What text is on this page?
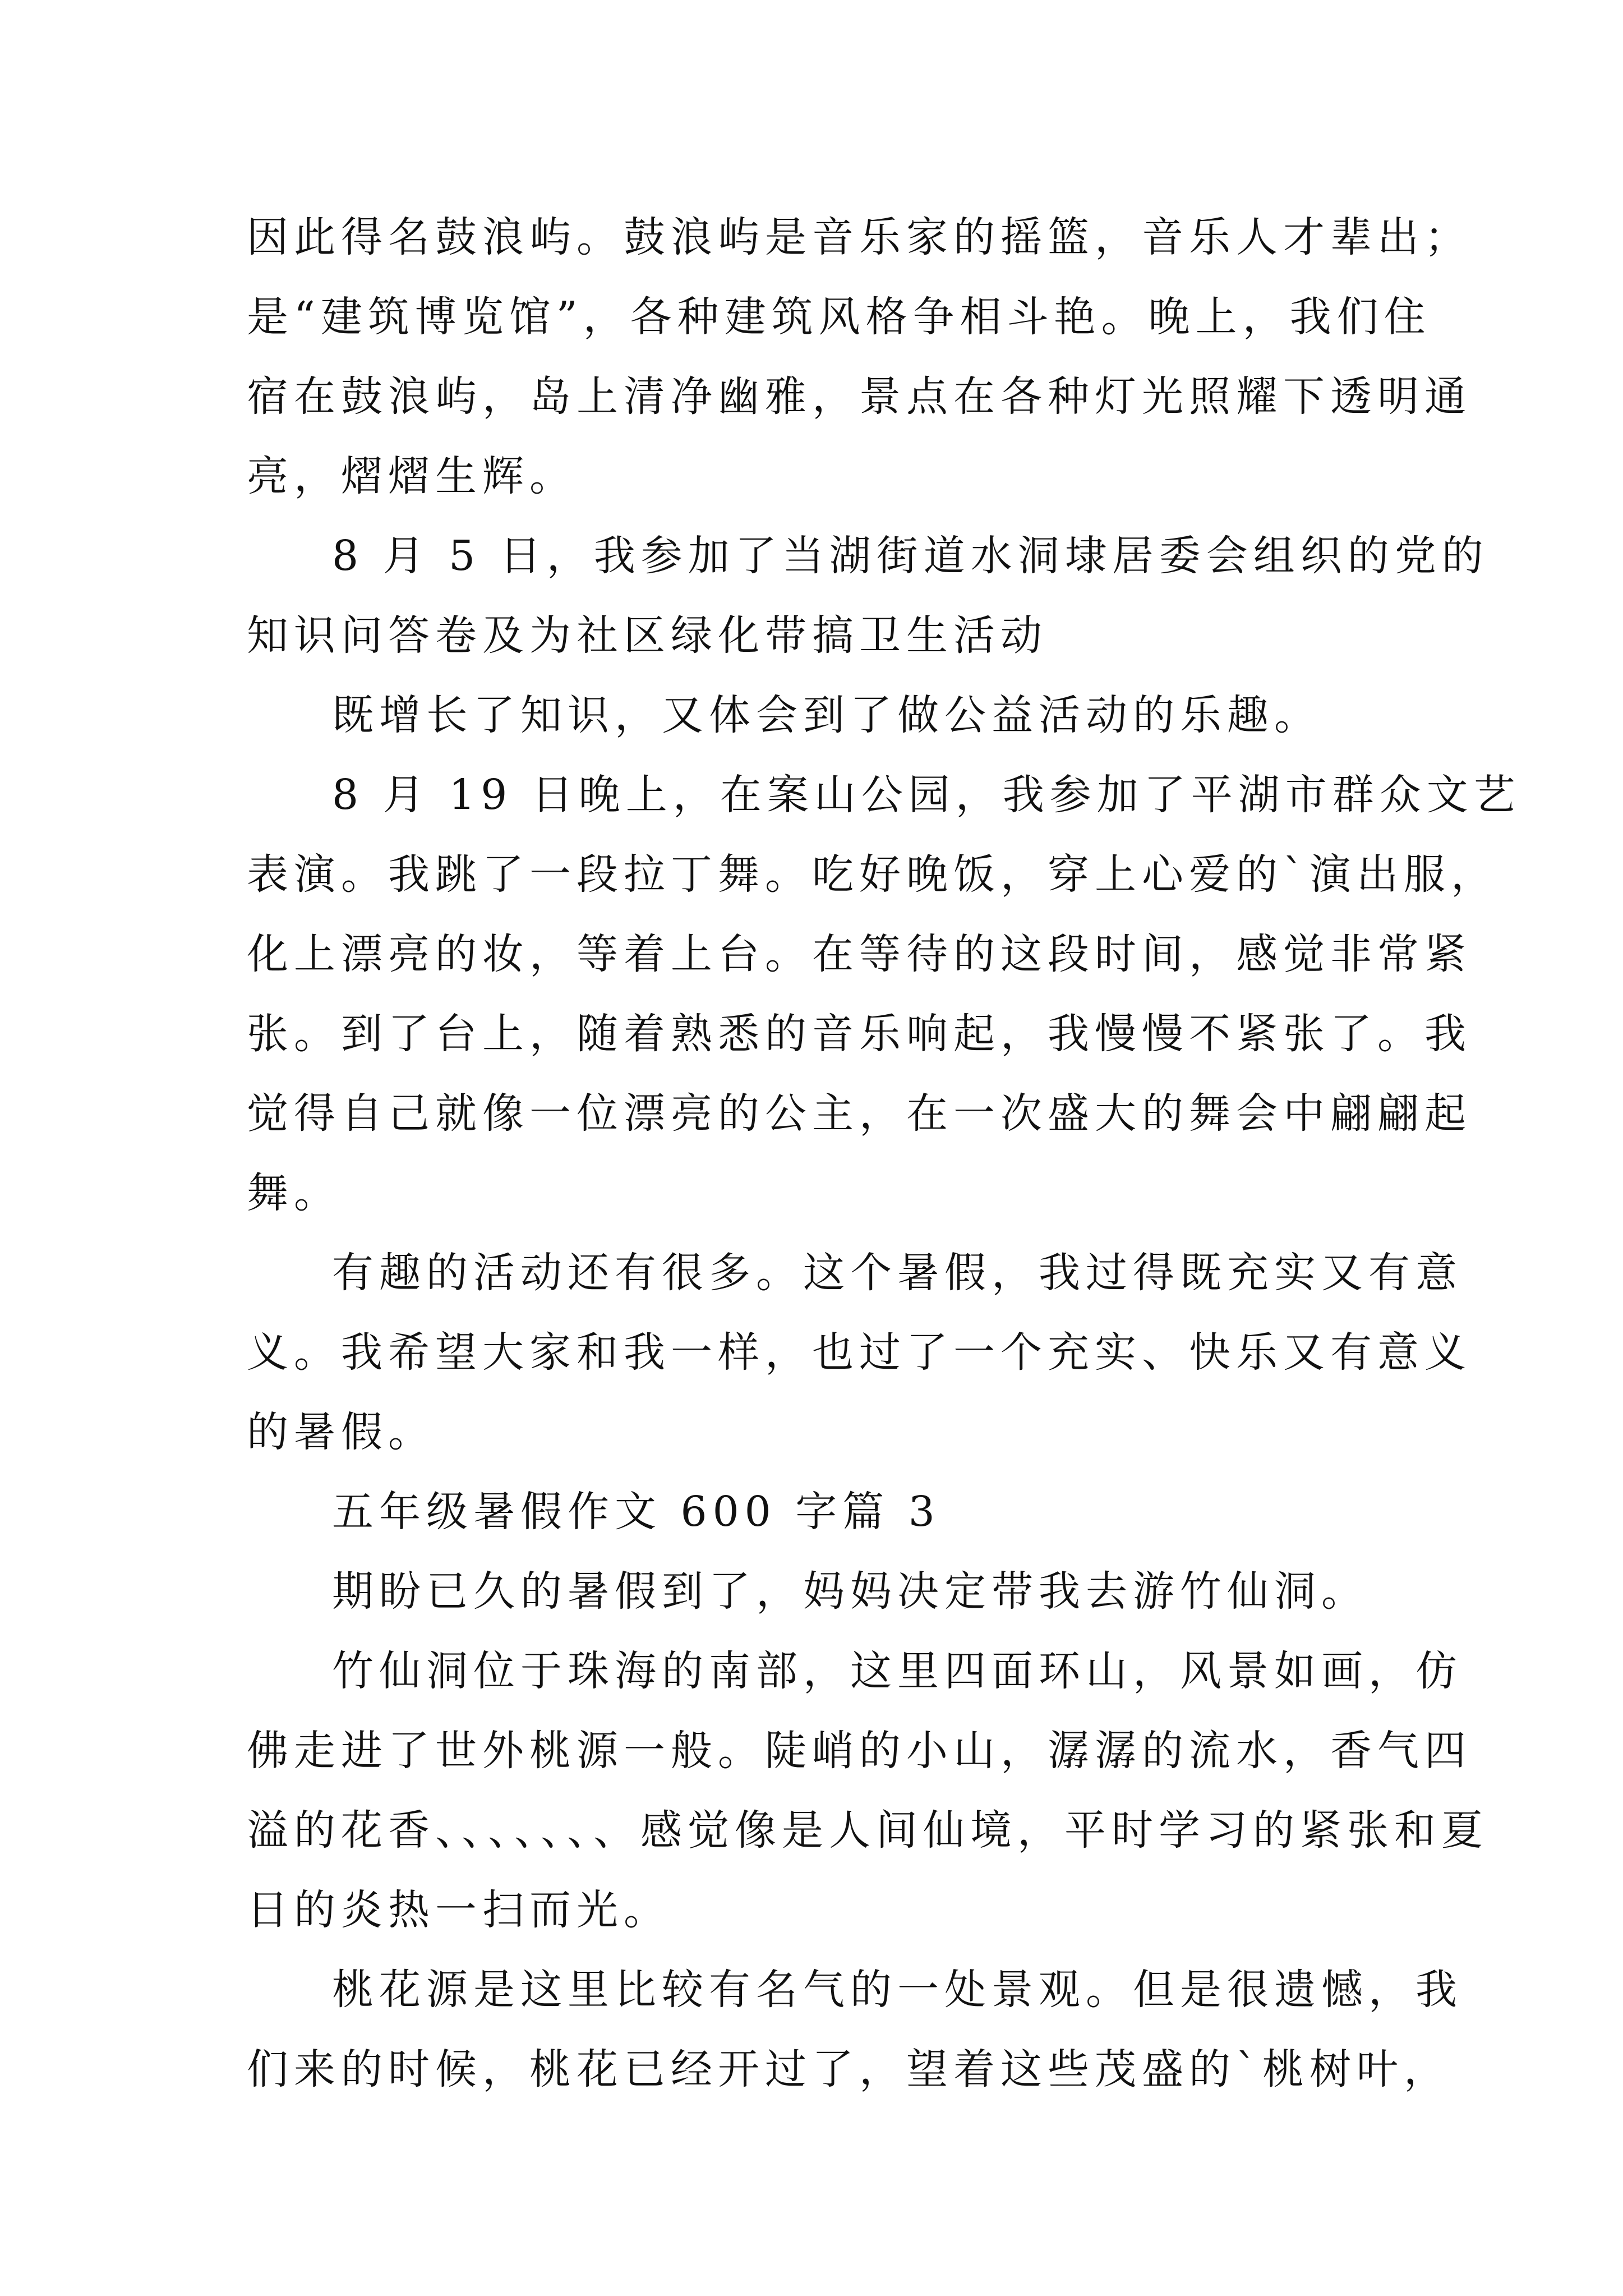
因此得名鼓浪屿。鼓浪屿是音乐家的摇篮，音乐人才辈出；
是“建筑博览馆”，各种建筑风格争相斗艳。晚上，我们住
宿在鼓浪屿，岛上清净幽雅，景点在各种灯光照耀下透明通
亮，熠熠生辉。
8 月 5 日，我参加了当湖街道水洞埭居委会组织的党的
知识问答卷及为社区绿化带搞卫生活动
既增长了知识，又体会到了做公益活动的乐趣。
8 月 19 日晚上，在案山公园，我参加了平湖市群众文艺
表演。我跳了一段拉丁舞。吃好晚饭，穿上心爱的`演出服，
化上漂亮的妆，等着上台。在等待的这段时间，感觉非常紧
张。到了台上，随着熟悉的音乐响起，我慢慢不紧张了。我
觉得自己就像一位漂亮的公主，在一次盛大的舞会中翩翩起
舞。
有趣的活动还有很多。这个暑假，我过得既充实又有意
义。我希望大家和我一样，也过了一个充实、快乐又有意义
的暑假。
五年级暑假作文 600 字篇 3
期盼已久的暑假到了，妈妈决定带我去游竹仙洞。
竹仙洞位于珠海的南部，这里四面环山，风景如画，仿
佛走进了世外桃源一般。陡峭的小山，潺潺的流水，香气四
溢的花香、、、、、、、感觉像是人间仙境，平时学习的紧张和夏
日的炎热一扫而光。
桃花源是这里比较有名气的一处景观。但是很遗憾，我
们来的时候，桃花已经开过了，望着这些茂盛的`桃树叶，
